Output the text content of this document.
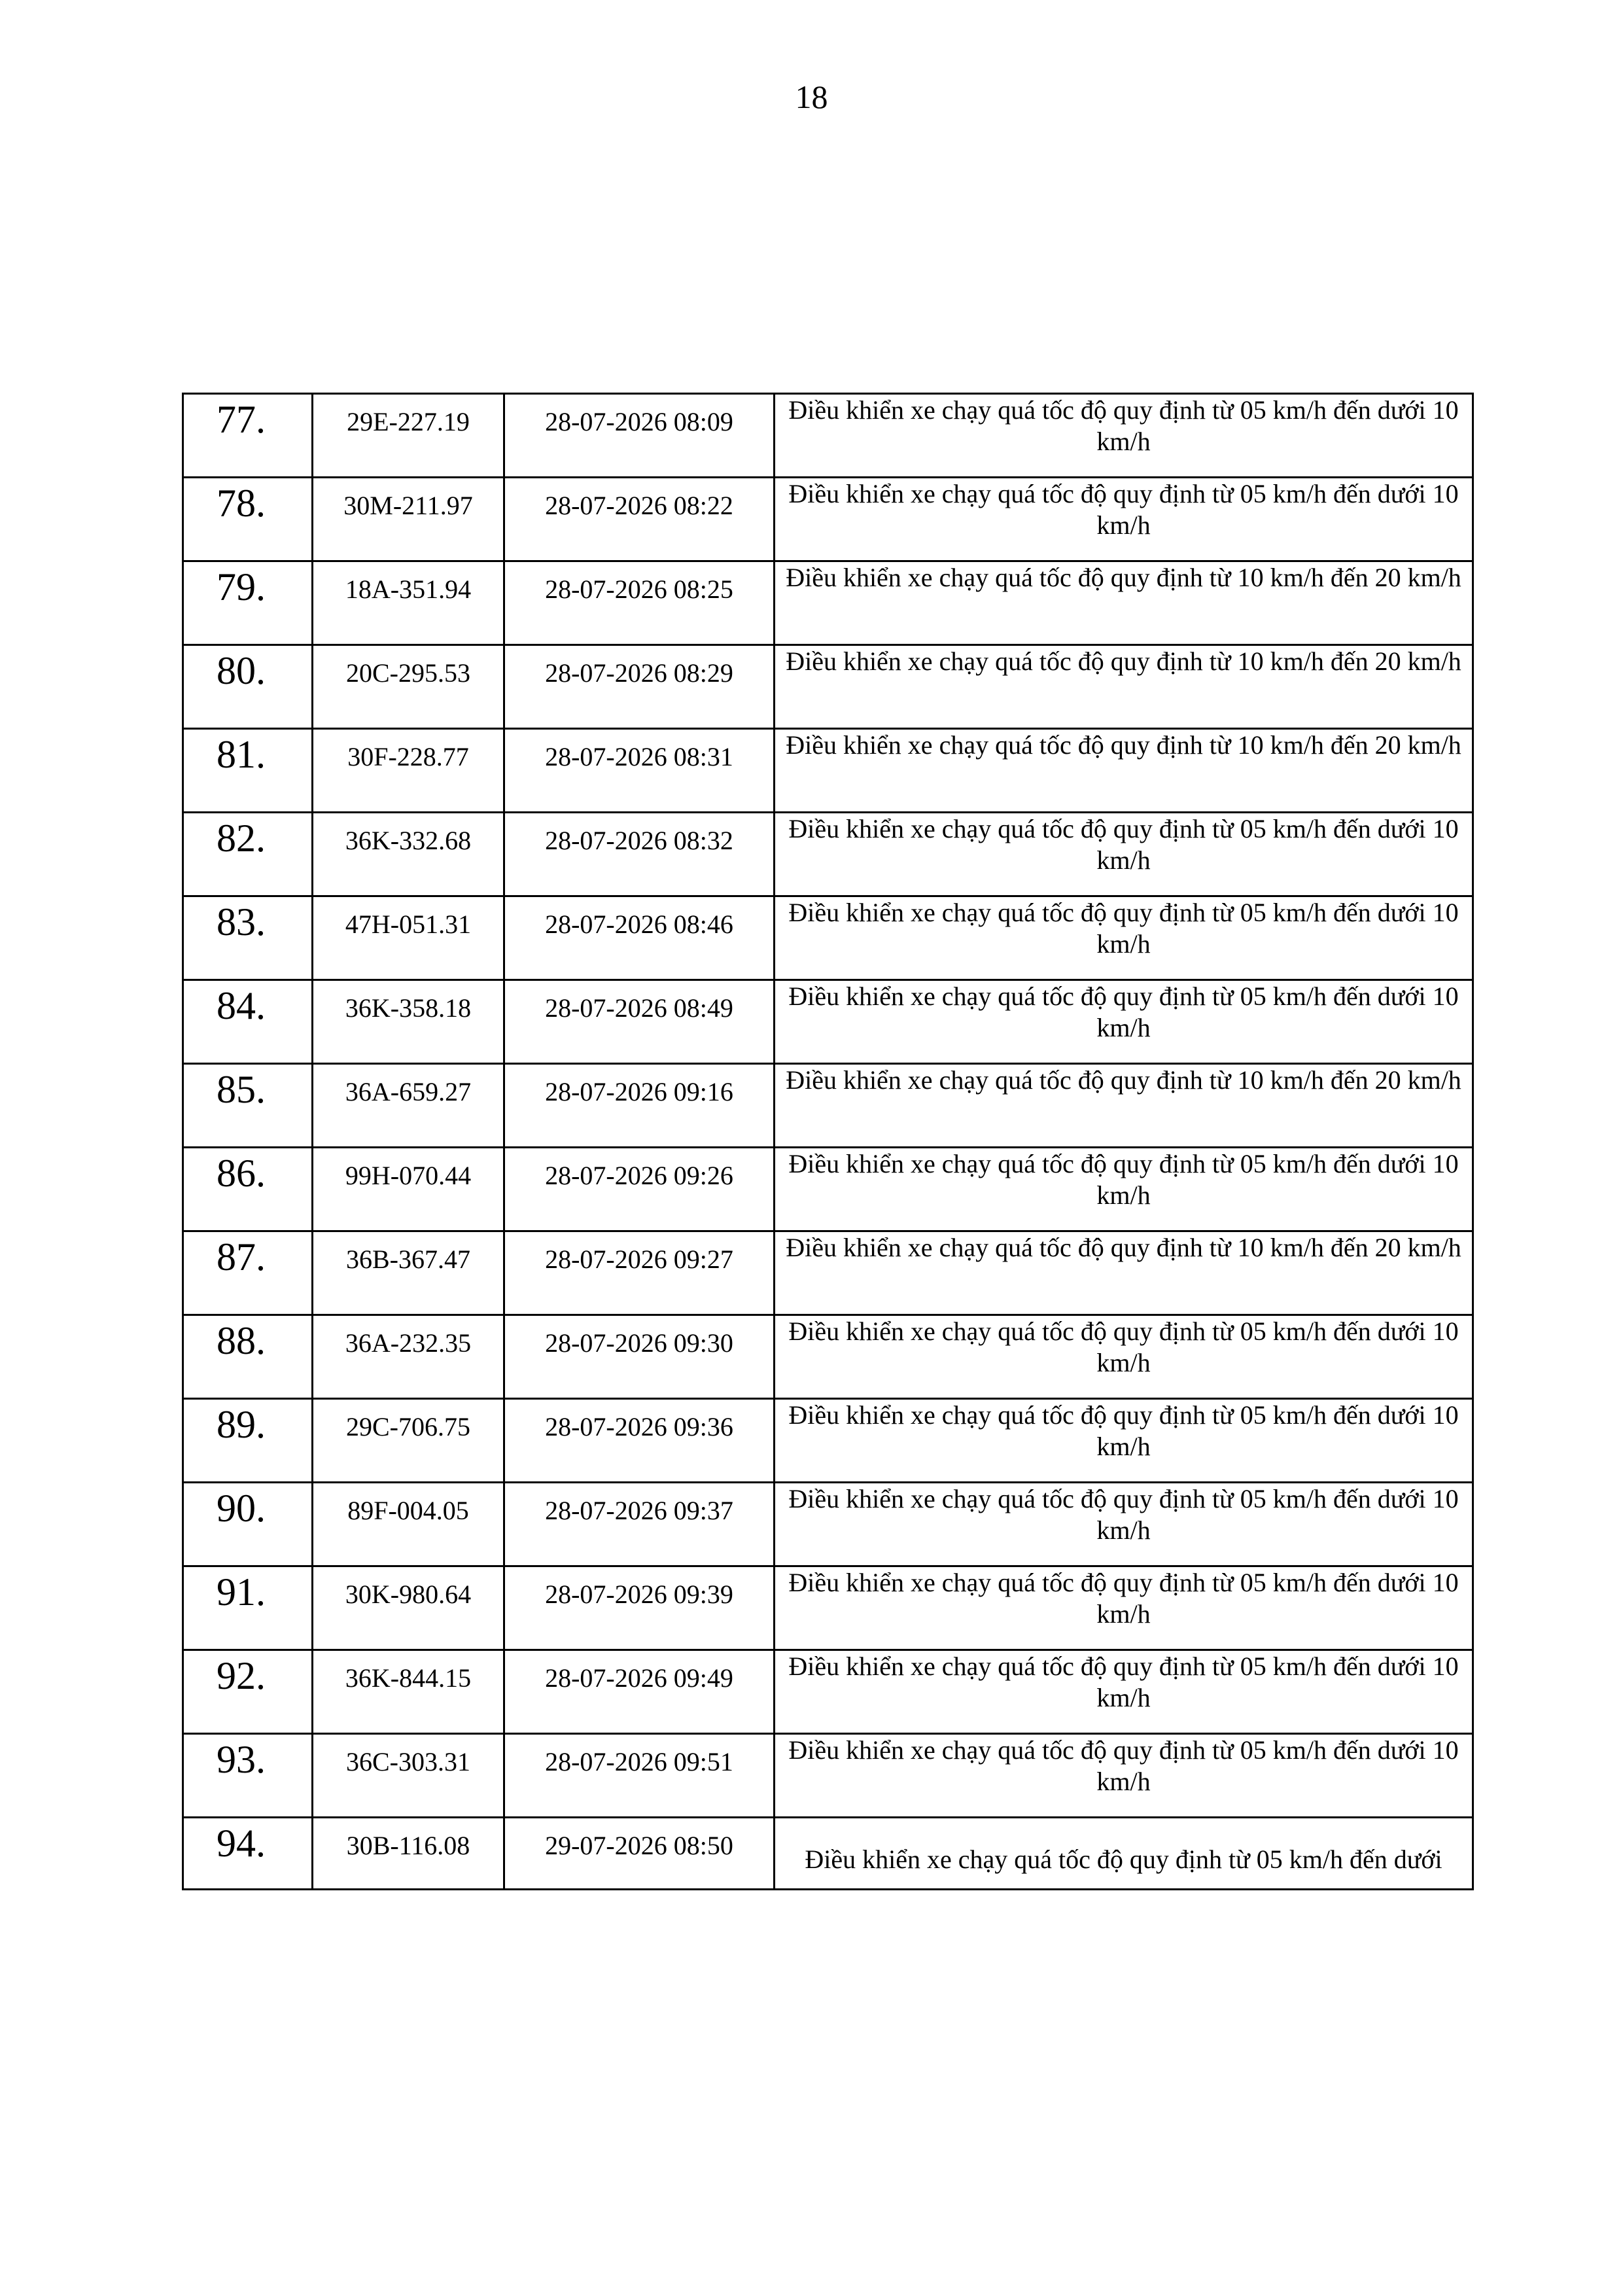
18
77.	29E-227.19	28-07-2026 08:09	Điều khiển xe chạy quá tốc độ quy định từ 05 km/h đến dưới 10 km/h
78.	30M-211.97	28-07-2026 08:22	Điều khiển xe chạy quá tốc độ quy định từ 05 km/h đến dưới 10 km/h
79.	18A-351.94	28-07-2026 08:25	Điều khiển xe chạy quá tốc độ quy định từ 10 km/h đến 20 km/h
80.	20C-295.53	28-07-2026 08:29	Điều khiển xe chạy quá tốc độ quy định từ 10 km/h đến 20 km/h
81.	30F-228.77	28-07-2026 08:31	Điều khiển xe chạy quá tốc độ quy định từ 10 km/h đến 20 km/h
82.	36K-332.68	28-07-2026 08:32	Điều khiển xe chạy quá tốc độ quy định từ 05 km/h đến dưới 10 km/h
83.	47H-051.31	28-07-2026 08:46	Điều khiển xe chạy quá tốc độ quy định từ 05 km/h đến dưới 10 km/h
84.	36K-358.18	28-07-2026 08:49	Điều khiển xe chạy quá tốc độ quy định từ 05 km/h đến dưới 10 km/h
85.	36A-659.27	28-07-2026 09:16	Điều khiển xe chạy quá tốc độ quy định từ 10 km/h đến 20 km/h
86.	99H-070.44	28-07-2026 09:26	Điều khiển xe chạy quá tốc độ quy định từ 05 km/h đến dưới 10 km/h
87.	36B-367.47	28-07-2026 09:27	Điều khiển xe chạy quá tốc độ quy định từ 10 km/h đến 20 km/h
88.	36A-232.35	28-07-2026 09:30	Điều khiển xe chạy quá tốc độ quy định từ 05 km/h đến dưới 10 km/h
89.	29C-706.75	28-07-2026 09:36	Điều khiển xe chạy quá tốc độ quy định từ 05 km/h đến dưới 10 km/h
90.	89F-004.05	28-07-2026 09:37	Điều khiển xe chạy quá tốc độ quy định từ 05 km/h đến dưới 10 km/h
91.	30K-980.64	28-07-2026 09:39	Điều khiển xe chạy quá tốc độ quy định từ 05 km/h đến dưới 10 km/h
92.	36K-844.15	28-07-2026 09:49	Điều khiển xe chạy quá tốc độ quy định từ 05 km/h đến dưới 10 km/h
93.	36C-303.31	28-07-2026 09:51	Điều khiển xe chạy quá tốc độ quy định từ 05 km/h đến dưới 10 km/h
94.	30B-116.08	29-07-2026 08:50	Điều khiển xe chạy quá tốc độ quy định từ 05 km/h đến dưới
